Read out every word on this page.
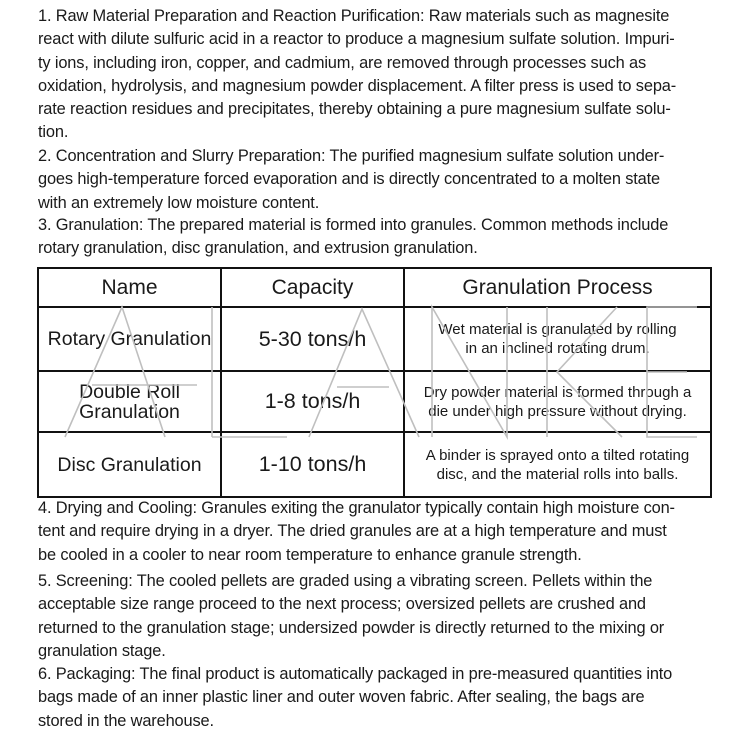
1. Raw Material Preparation and Reaction Purification: Raw materials such as magnesite
react with dilute sulfuric acid in a reactor to produce a magnesium sulfate solution. Impuri-
ty ions, including iron, copper, and cadmium, are removed through processes such as
oxidation, hydrolysis, and magnesium powder displacement. A filter press is used to sepa-
rate reaction residues and precipitates, thereby obtaining a pure magnesium sulfate solu-
tion.

2. Concentration and Slurry Preparation: The purified magnesium sulfate solution under-
goes high-temperature forced evaporation and is directly concentrated to a molten state
with an extremely low moisture content.

3. Granulation: The prepared material is formed into granules. Common methods include
rotary granulation, disc granulation, and extrusion granulation.

Name	Capacity	Granulation Process
Rotary Granulation	5-30 tons/h	Wet material is granulated by rolling
in an inclined rotating drum.
Double Roll
Granulation	1-8 tons/h	Dry powder material is formed through a
die under high pressure without drying.
Disc Granulation	1-10 tons/h	A binder is sprayed onto a tilted rotating
disc, and the material rolls into balls.

4. Drying and Cooling: Granules exiting the granulator typically contain high moisture con-
tent and require drying in a dryer. The dried granules are at a high temperature and must
be cooled in a cooler to near room temperature to enhance granule strength.

5. Screening: The cooled pellets are graded using a vibrating screen. Pellets within the
acceptable size range proceed to the next process; oversized pellets are crushed and
returned to the granulation stage; undersized powder is directly returned to the mixing or
granulation stage.

6. Packaging: The final product is automatically packaged in pre-measured quantities into
bags made of an inner plastic liner and outer woven fabric. After sealing, the bags are
stored in the warehouse.
